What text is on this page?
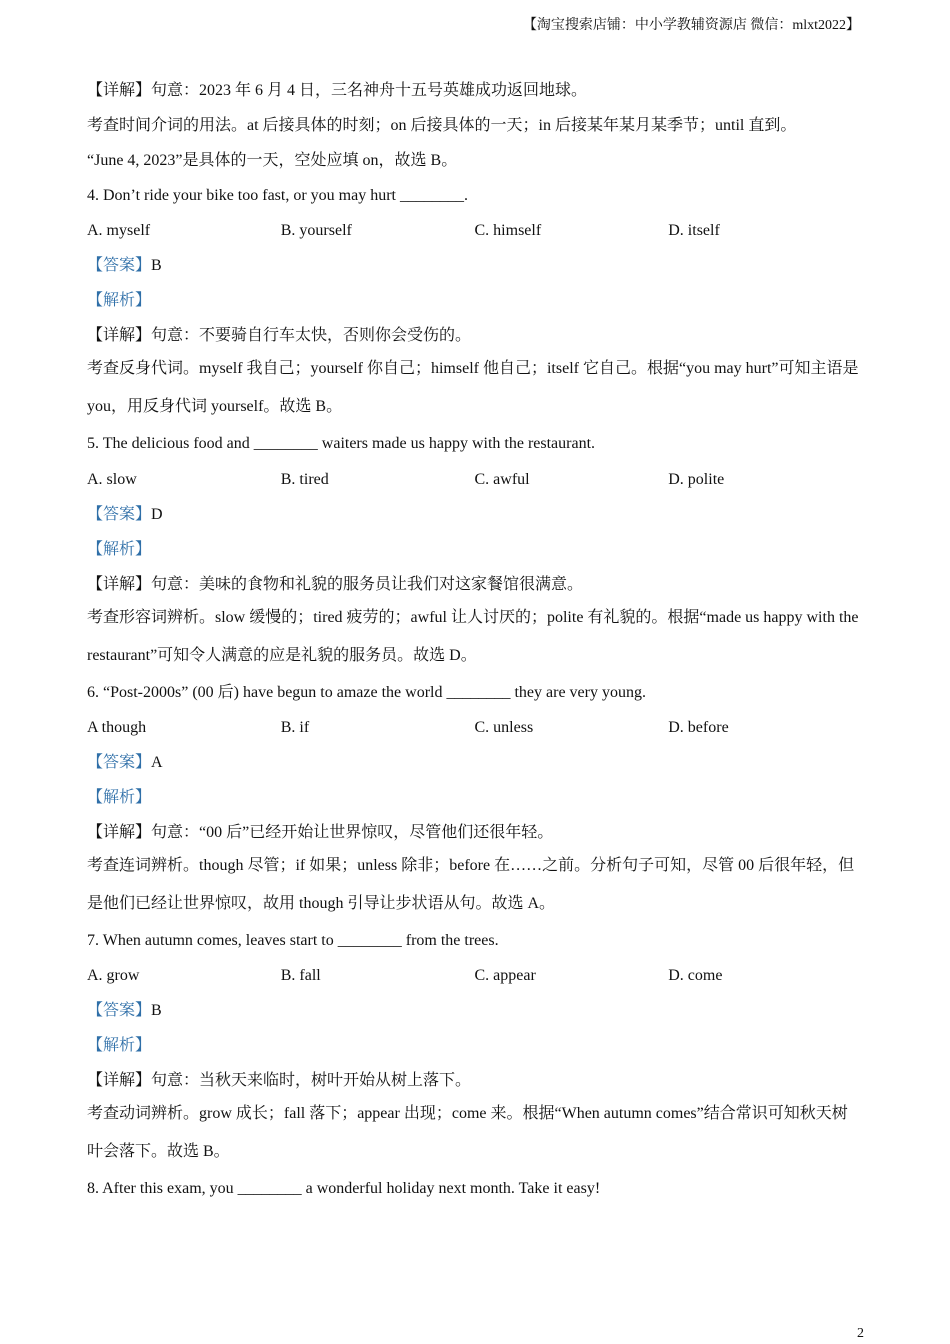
【淘宝搜索店铺：中小学教辅资源店 微信：mlxt2022】
【详解】句意：2023 年 6 月 4 日，三名神舟十五号英雄成功返回地球。
考查时间介词的用法。at 后接具体的时刻；on 后接具体的一天；in 后接某年某月某季节；until 直到。
“June 4, 2023”是具体的一天，空处应填 on，故选 B。
4. Don’t ride your bike too fast, or you may hurt ________.
A. myself	B. yourself	C. himself	D. itself
【答案】B
【解析】
【详解】句意：不要骑自行车太快，否则你会受伤的。
考查反身代词。myself 我自己；yourself 你自己；himself 他自己；itself 它自己。根据“you may hurt”可知主语是 you，用反身代词 yourself。故选 B。
5. The delicious food and ________ waiters made us happy with the restaurant.
A. slow	B. tired	C. awful	D. polite
【答案】D
【解析】
【详解】句意：美味的食物和礼貌的服务员让我们对这家餐馆很满意。
考查形容词辨析。slow 缓慢的；tired 疲劳的；awful 让人讨厌的；polite 有礼貌的。根据“made us happy with the restaurant”可知令人满意的应是礼貌的服务员。故选 D。
6. “Post-2000s” (00 后) have begun to amaze the world ________ they are very young.
A though	B. if	C. unless	D. before
【答案】A
【解析】
【详解】句意：“00 后”已经开始让世界惊叹，尽管他们还很年轻。
考查连词辨析。though 尽管；if 如果；unless 除非；before 在……之前。分析句子可知，尽管 00 后很年轻，但是他们已经让世界惊叹，故用 though 引导让步状语从句。故选 A。
7. When autumn comes, leaves start to ________ from the trees.
A. grow	B. fall	C. appear	D. come
【答案】B
【解析】
【详解】句意：当秋天来临时，树叶开始从树上落下。
考查动词辨析。grow 成长；fall 落下；appear 出现；come 来。根据“When autumn comes”结合常识可知秋天树叶会落下。故选 B。
8. After this exam, you ________ a wonderful holiday next month. Take it easy!
2
